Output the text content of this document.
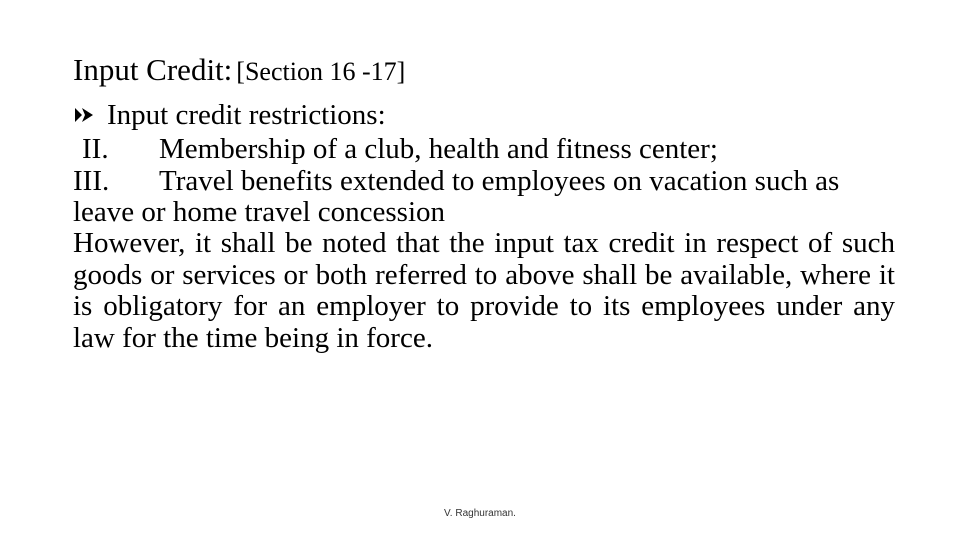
Input Credit: [Section 16 -17]
Input credit restrictions:
II. Membership of a club, health and fitness center;
III. Travel benefits extended to employees on vacation such as leave or home travel concession
However, it shall be noted that the input tax credit in respect of such goods or services or both referred to above shall be available, where it is obligatory for an employer to provide to its employees under any law for the time being in force.
V. Raghuraman.
